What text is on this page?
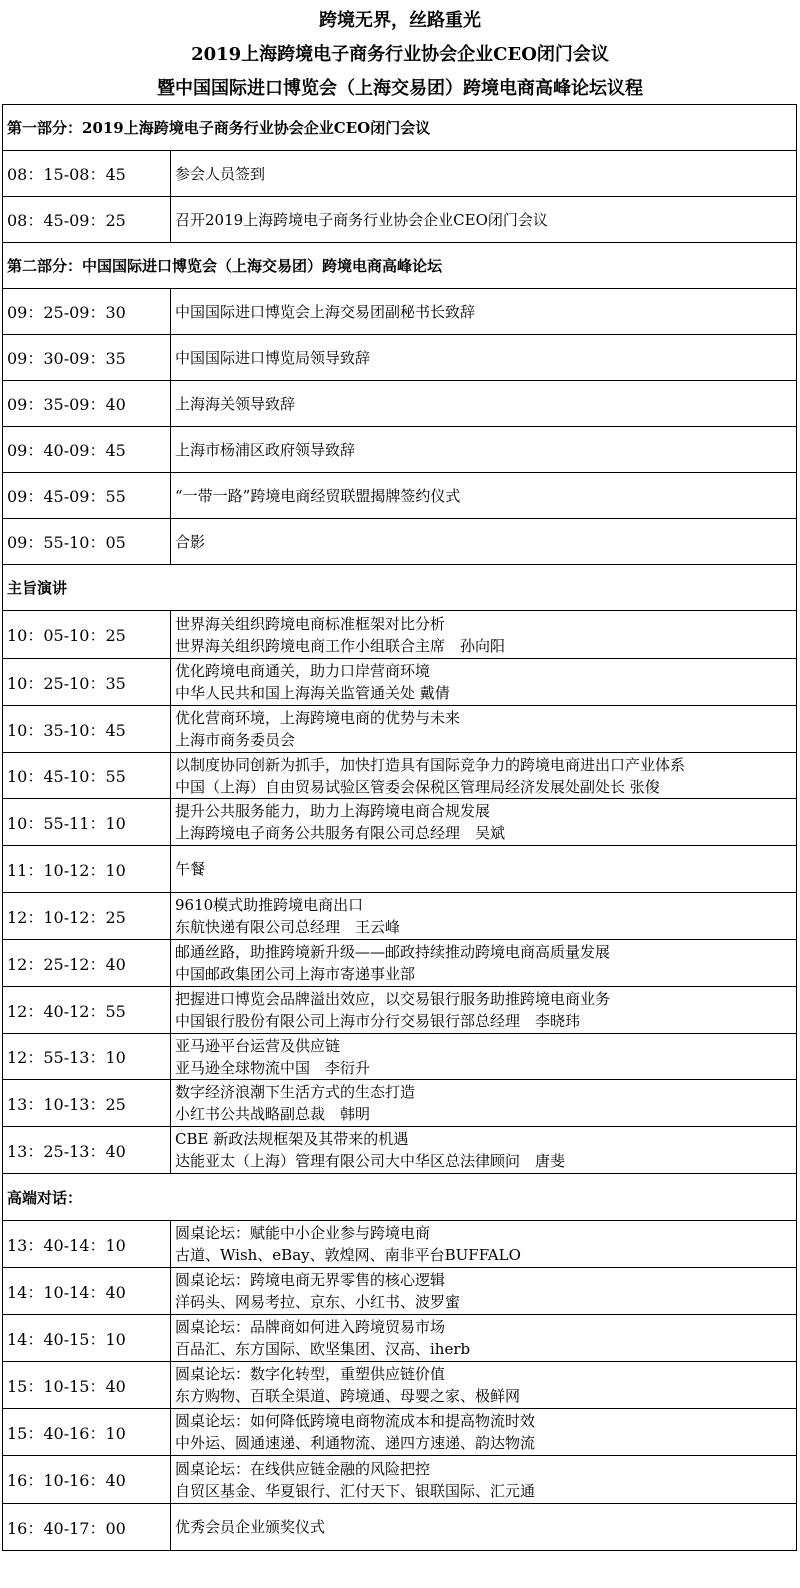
跨境无界，丝路重光
2019上海跨境电子商务行业协会企业CEO闭门会议
暨中国国际进口博览会（上海交易团）跨境电商高峰论坛议程
第一部分：2019上海跨境电子商务行业协会企业CEO闭门会议	
08：15-08：45	参会人员签到

08：45-09：25	召开2019上海跨境电子商务行业协会企业CEO闭门会议

第二部分：中国国际进口博览会（上海交易团）跨境电商高峰论坛	
09：25-09：30	中国国际进口博览会上海交易团副秘书长致辞

09：30-09：35	中国国际进口博览局领导致辞

09：35-09：40	上海海关领导致辞

09：40-09：45	上海市杨浦区政府领导致辞

09：45-09：55	“一带一路”跨境电商经贸联盟揭牌签约仪式

09：55-10：05	合影

主旨演讲	
10：05-10：25	世界海关组织跨境电商标准框架对比分析
世界海关组织跨境电商工作小组联合主席　孙向阳

10：25-10：35	优化跨境电商通关，助力口岸营商环境
中华人民共和国上海海关监管通关处 戴倩

10：35-10：45	优化营商环境，上海跨境电商的优势与未来
上海市商务委员会

10：45-10：55	以制度协同创新为抓手，加快打造具有国际竞争力的跨境电商进出口产业体系
中国（上海）自由贸易试验区管委会保税区管理局经济发展处副处长 张俊

10：55-11：10	提升公共服务能力，助力上海跨境电商合规发展
上海跨境电子商务公共服务有限公司总经理　吴斌

11：10-12：10	午餐

12：10-12：25	9610模式助推跨境电商出口
东航快递有限公司总经理　王云峰

12：25-12：40	邮通丝路，助推跨境新升级——邮政持续推动跨境电商高质量发展
中国邮政集团公司上海市寄递事业部

12：40-12：55	把握进口博览会品牌溢出效应，以交易银行服务助推跨境电商业务
中国银行股份有限公司上海市分行交易银行部总经理　李晓玮

12：55-13：10	亚马逊平台运营及供应链
亚马逊全球物流中国　李衍升

13：10-13：25	数字经济浪潮下生活方式的生态打造
小红书公共战略副总裁　韩明

13：25-13：40	CBE 新政法规框架及其带来的机遇
达能亚太（上海）管理有限公司大中华区总法律顾问　唐斐

高端对话：	
13：40-14：10	圆桌论坛：赋能中小企业参与跨境电商
古道、Wish、eBay、敦煌网、南非平台BUFFALO

14：10-14：40	圆桌论坛：跨境电商无界零售的核心逻辑
洋码头、网易考拉、京东、小红书、波罗蜜

14：40-15：10	圆桌论坛：品牌商如何进入跨境贸易市场
百品汇、东方国际、欧坚集团、汉高、iherb

15：10-15：40	圆桌论坛：数字化转型，重塑供应链价值
东方购物、百联全渠道、跨境通、母婴之家、极鲜网

15：40-16：10	圆桌论坛：如何降低跨境电商物流成本和提高物流时效
中外运、圆通速递、利通物流、递四方速递、韵达物流

16：10-16：40	圆桌论坛：在线供应链金融的风险把控
自贸区基金、华夏银行、汇付天下、银联国际、汇元通

16：40-17：00	优秀会员企业颁奖仪式
